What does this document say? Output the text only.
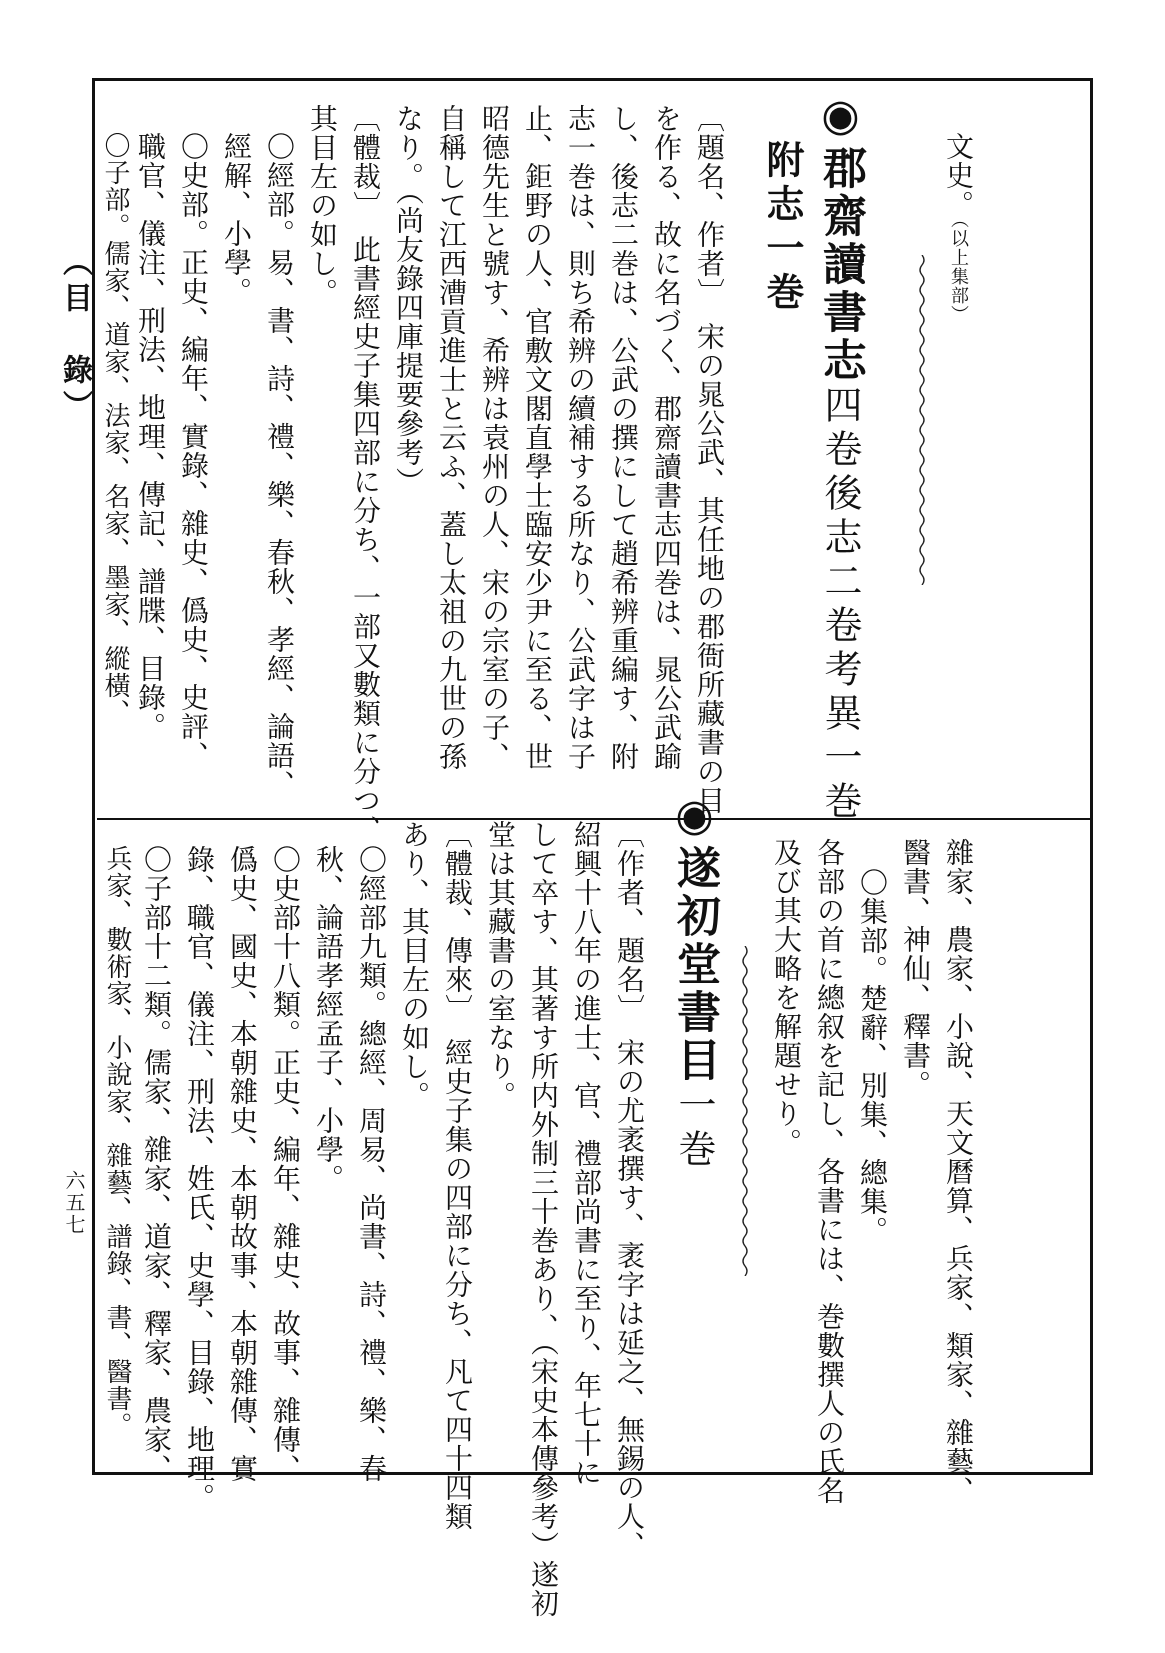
（目　錄）
六五七
文史。（以上集部）
◉郡齋讀書志四卷後志二卷考異一巻
附志一巻
〔題名、作者〕　宋の晁公武、其任地の郡衙所藏書の目
を作る、故に名づく、郡齋讀書志四巻は、晁公武踰
し、後志二巻は、公武の撰にして趙希辨重編す、附
志一巻は、則ち希辨の續補する所なり、公武字は子
止、鉅野の人、官敷文閣直學士臨安少尹に至る、世
昭德先生と號す、希辨は袁州の人、宋の宗室の子、
自稱して江西漕貢進士と云ふ、蓋し太祖の九世の孫
なり。（尚友錄四庫提要參考）
〔體裁〕　此書經史子集四部に分ち、一部又數類に分つ、
其目左の如し。
〇經部。易、書、詩、禮、樂、春秋、孝經、論語、
經解、小學。
〇史部。正史、編年、實錄、雜史、僞史、史評、
職官、儀注、刑法、地理、傳記、譜牒、目錄。
〇子部。儒家、道家、法家、名家、墨家、縱橫、
雜家、農家、小說、天文曆算、兵家、類家、雜藝、
醫書、神仙、釋書。
〇集部。楚辭、別集、總集。
各部の首に總叙を記し、各書には、巻數撰人の氏名
及び其大略を解題せり。
◉遂初堂書目一巻
〔作者、題名〕　宋の尤袤撰す、袤字は延之、無錫の人、
紹興十八年の進士、官、禮部尚書に至り、年七十に
して卒す、其著す所内外制三十巻あり、（宋史本傳參考）遂初
堂は其藏書の室なり。
〔體裁、傳來〕　經史子集の四部に分ち、凡て四十四類
あり、其目左の如し。
〇經部九類。總經、周易、尚書、詩、禮、樂、春
秋、論語孝經孟子、小學。
〇史部十八類。正史、編年、雜史、故事、雜傳、
僞史、國史、本朝雜史、本朝故事、本朝雜傳、實
錄、職官、儀注、刑法、姓氏、史學、目錄、地理。
〇子部十二類。儒家、雜家、道家、釋家、農家、
兵家、數術家、小說家、雜藝、譜錄、書、醫書。
